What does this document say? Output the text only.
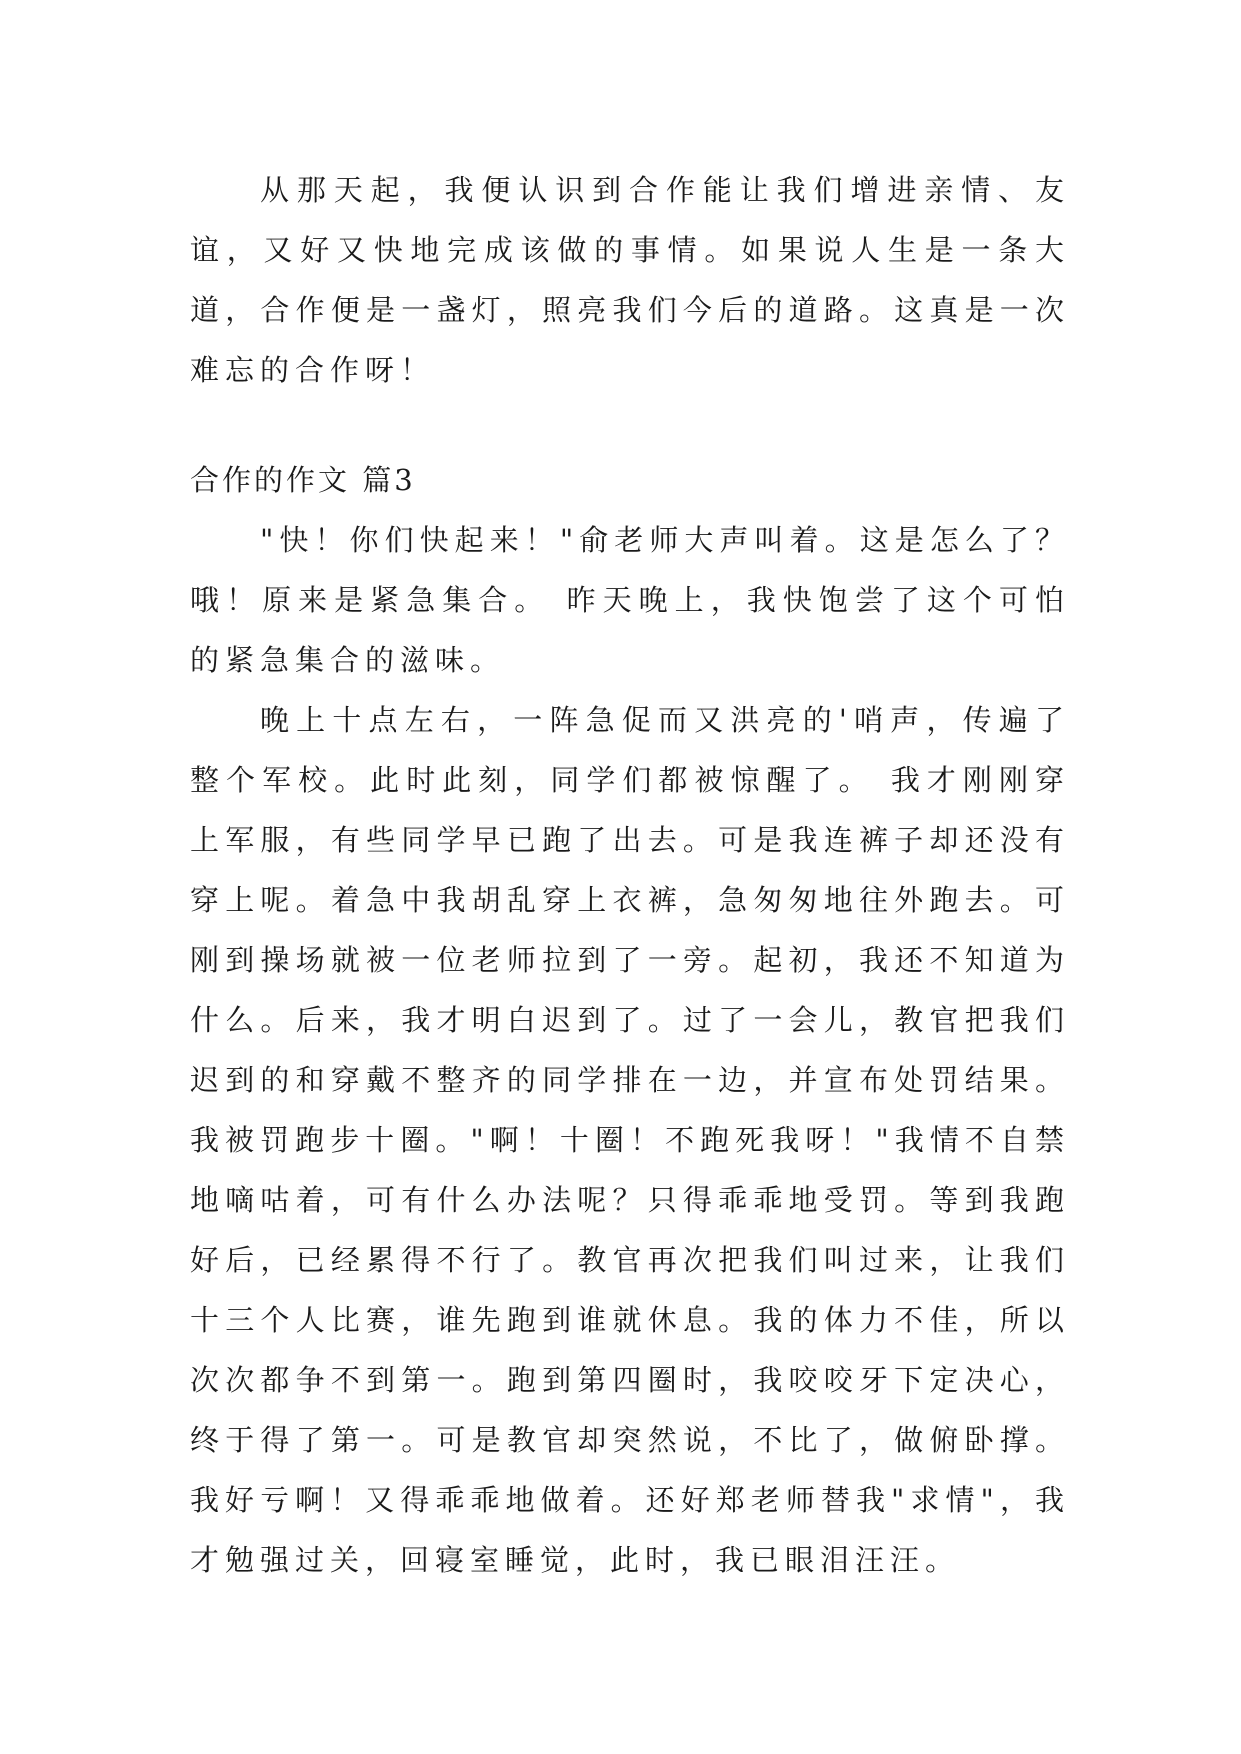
从那天起，我便认识到合作能让我们增进亲情、友谊，又好又快地完成该做的事情。如果说人生是一条大道，合作便是一盏灯，照亮我们今后的道路。这真是一次难忘的合作呀！

合作的作文 篇3

"快！你们快起来！"俞老师大声叫着。这是怎么了？哦！原来是紧急集合。 昨天晚上，我快饱尝了这个可怕的紧急集合的滋味。

晚上十点左右，一阵急促而又洪亮的'哨声，传遍了整个军校。此时此刻，同学们都被惊醒了。 我才刚刚穿上军服，有些同学早已跑了出去。可是我连裤子却还没有穿上呢。着急中我胡乱穿上衣裤，急匆匆地往外跑去。可刚到操场就被一位老师拉到了一旁。起初，我还不知道为什么。后来，我才明白迟到了。过了一会儿，教官把我们迟到的和穿戴不整齐的同学排在一边，并宣布处罚结果。我被罚跑步十圈。"啊！十圈！不跑死我呀！"我情不自禁地嘀咕着，可有什么办法呢？只得乖乖地受罚。等到我跑好后，已经累得不行了。教官再次把我们叫过来，让我们十三个人比赛，谁先跑到谁就休息。我的体力不佳，所以次次都争不到第一。跑到第四圈时，我咬咬牙下定决心，终于得了第一。可是教官却突然说，不比了，做俯卧撑。我好亏啊！又得乖乖地做着。还好郑老师替我"求情"，我才勉强过关，回寝室睡觉，此时，我已眼泪汪汪。
